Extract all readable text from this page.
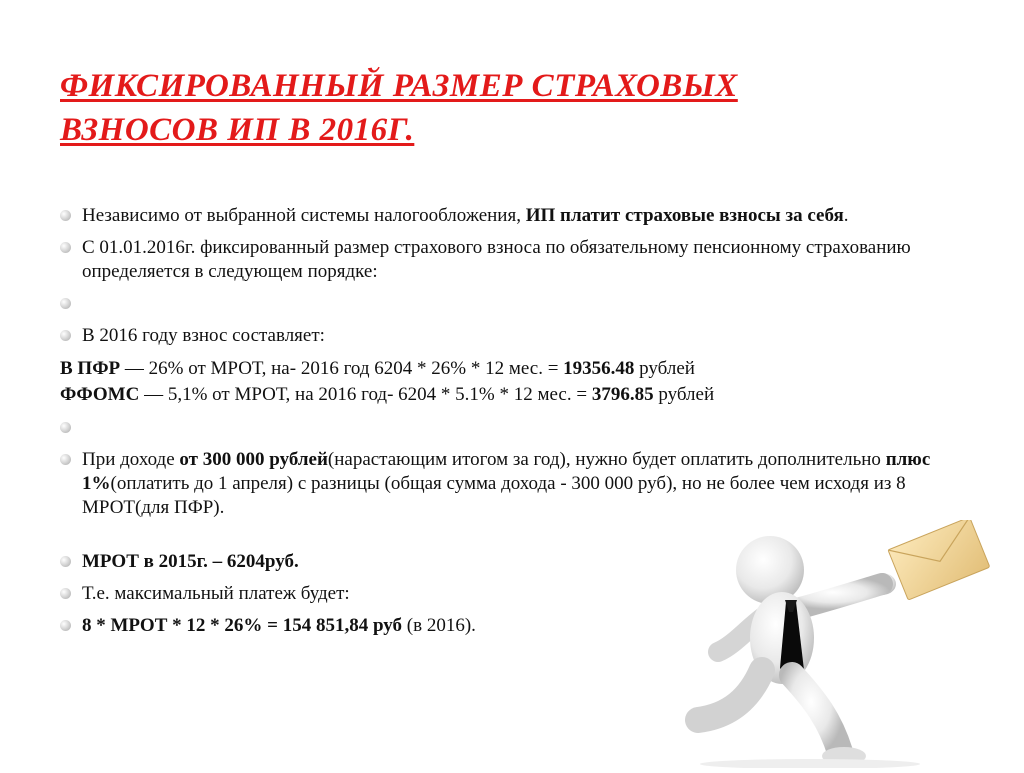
ФИКСИРОВАННЫЙ РАЗМЕР СТРАХОВЫХ
ВЗНОСОВ ИП В 2016Г.
Независимо от выбранной системы налогообложения, ИП платит страховые взносы за себя.
С 01.01.2016г. фиксированный размер страхового взноса по обязательному пенсионному страхованию определяется в следующем порядке:
В 2016 году взнос составляет:
В ПФР — 26% от МРОТ, на- 2016 год 6204 * 26% * 12 мес. = 19356.48 рублей
ФФОМС — 5,1% от МРОТ, на 2016 год- 6204 * 5.1% * 12 мес. = 3796.85 рублей
При доходе от 300 000 рублей(нарастающим итогом за год), нужно будет оплатить дополнительно плюс 1%(оплатить до 1 апреля) с разницы (общая сумма дохода - 300 000 руб), но не более чем исходя из 8 МРОТ(для ПФР).
МРОТ в 2015г. – 6204руб.
Т.е. максимальный платеж будет:
8 * МРОТ * 12 * 26% = 154 851,84 руб (в 2016).
